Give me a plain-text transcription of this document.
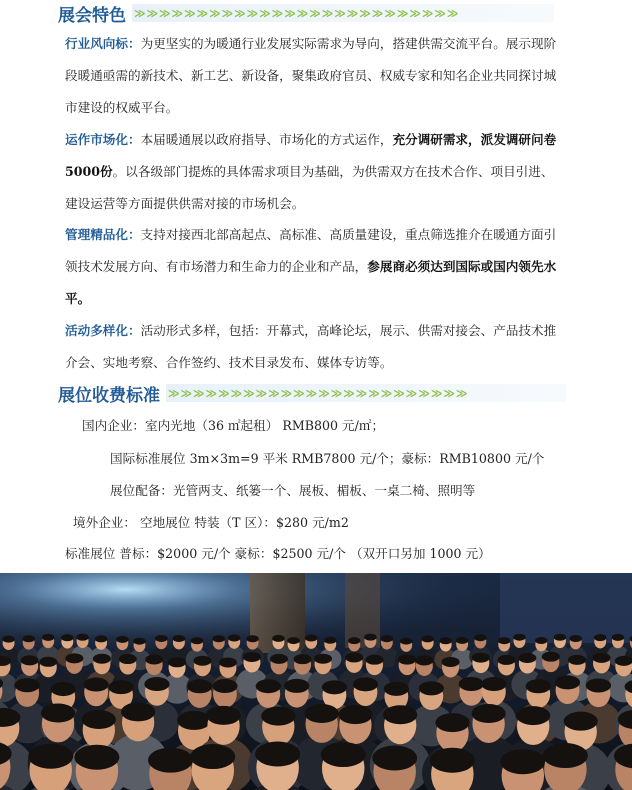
展会特色 ≫≫≫≫≫≫≫≫≫≫≫≫≫≫≫≫≫≫≫≫≫≫≫≫≫≫
行业风向标：为更坚实的为暖通行业发展实际需求为导向，搭建供需交流平台。展示现阶段暖通亟需的新技术、新工艺、新设备，聚集政府官员、权威专家和知名企业共同探讨城市建设的权威平台。
运作市场化：本届暖通展以政府指导、市场化的方式运作，充分调研需求，派发调研问卷 5000份。以各级部门提炼的具体需求项目为基础，为供需双方在技术合作、项目引进、建设运营等方面提供供需对接的市场机会。
管理精品化：支持对接西北部高起点、高标准、高质量建设，重点筛选推介在暖通方面引领技术发展方向、有市场潜力和生命力的企业和产品，参展商必须达到国际或国内领先水平。
活动多样化：活动形式多样，包括：开幕式，高峰论坛，展示、供需对接会、产品技术推介会、实地考察、合作签约、技术目录发布、媒体专访等。
展位收费标准 ≫≫≫≫≫≫≫≫≫≫≫≫≫≫≫≫≫≫≫≫≫≫≫≫
国内企业：室内光地（36 ㎡起租） RMB800 元/㎡；
国际标准展位 3m×3m=9 平米 RMB7800 元/个；豪标：RMB10800 元/个
展位配备：光管两支、纸篓一个、展板、楣板、一桌二椅、照明等
境外企业： 空地展位 特装（T 区）：$280 元/m2
标准展位 普标：$2000 元/个 豪标：$2500 元/个 （双开口另加 1000 元）
